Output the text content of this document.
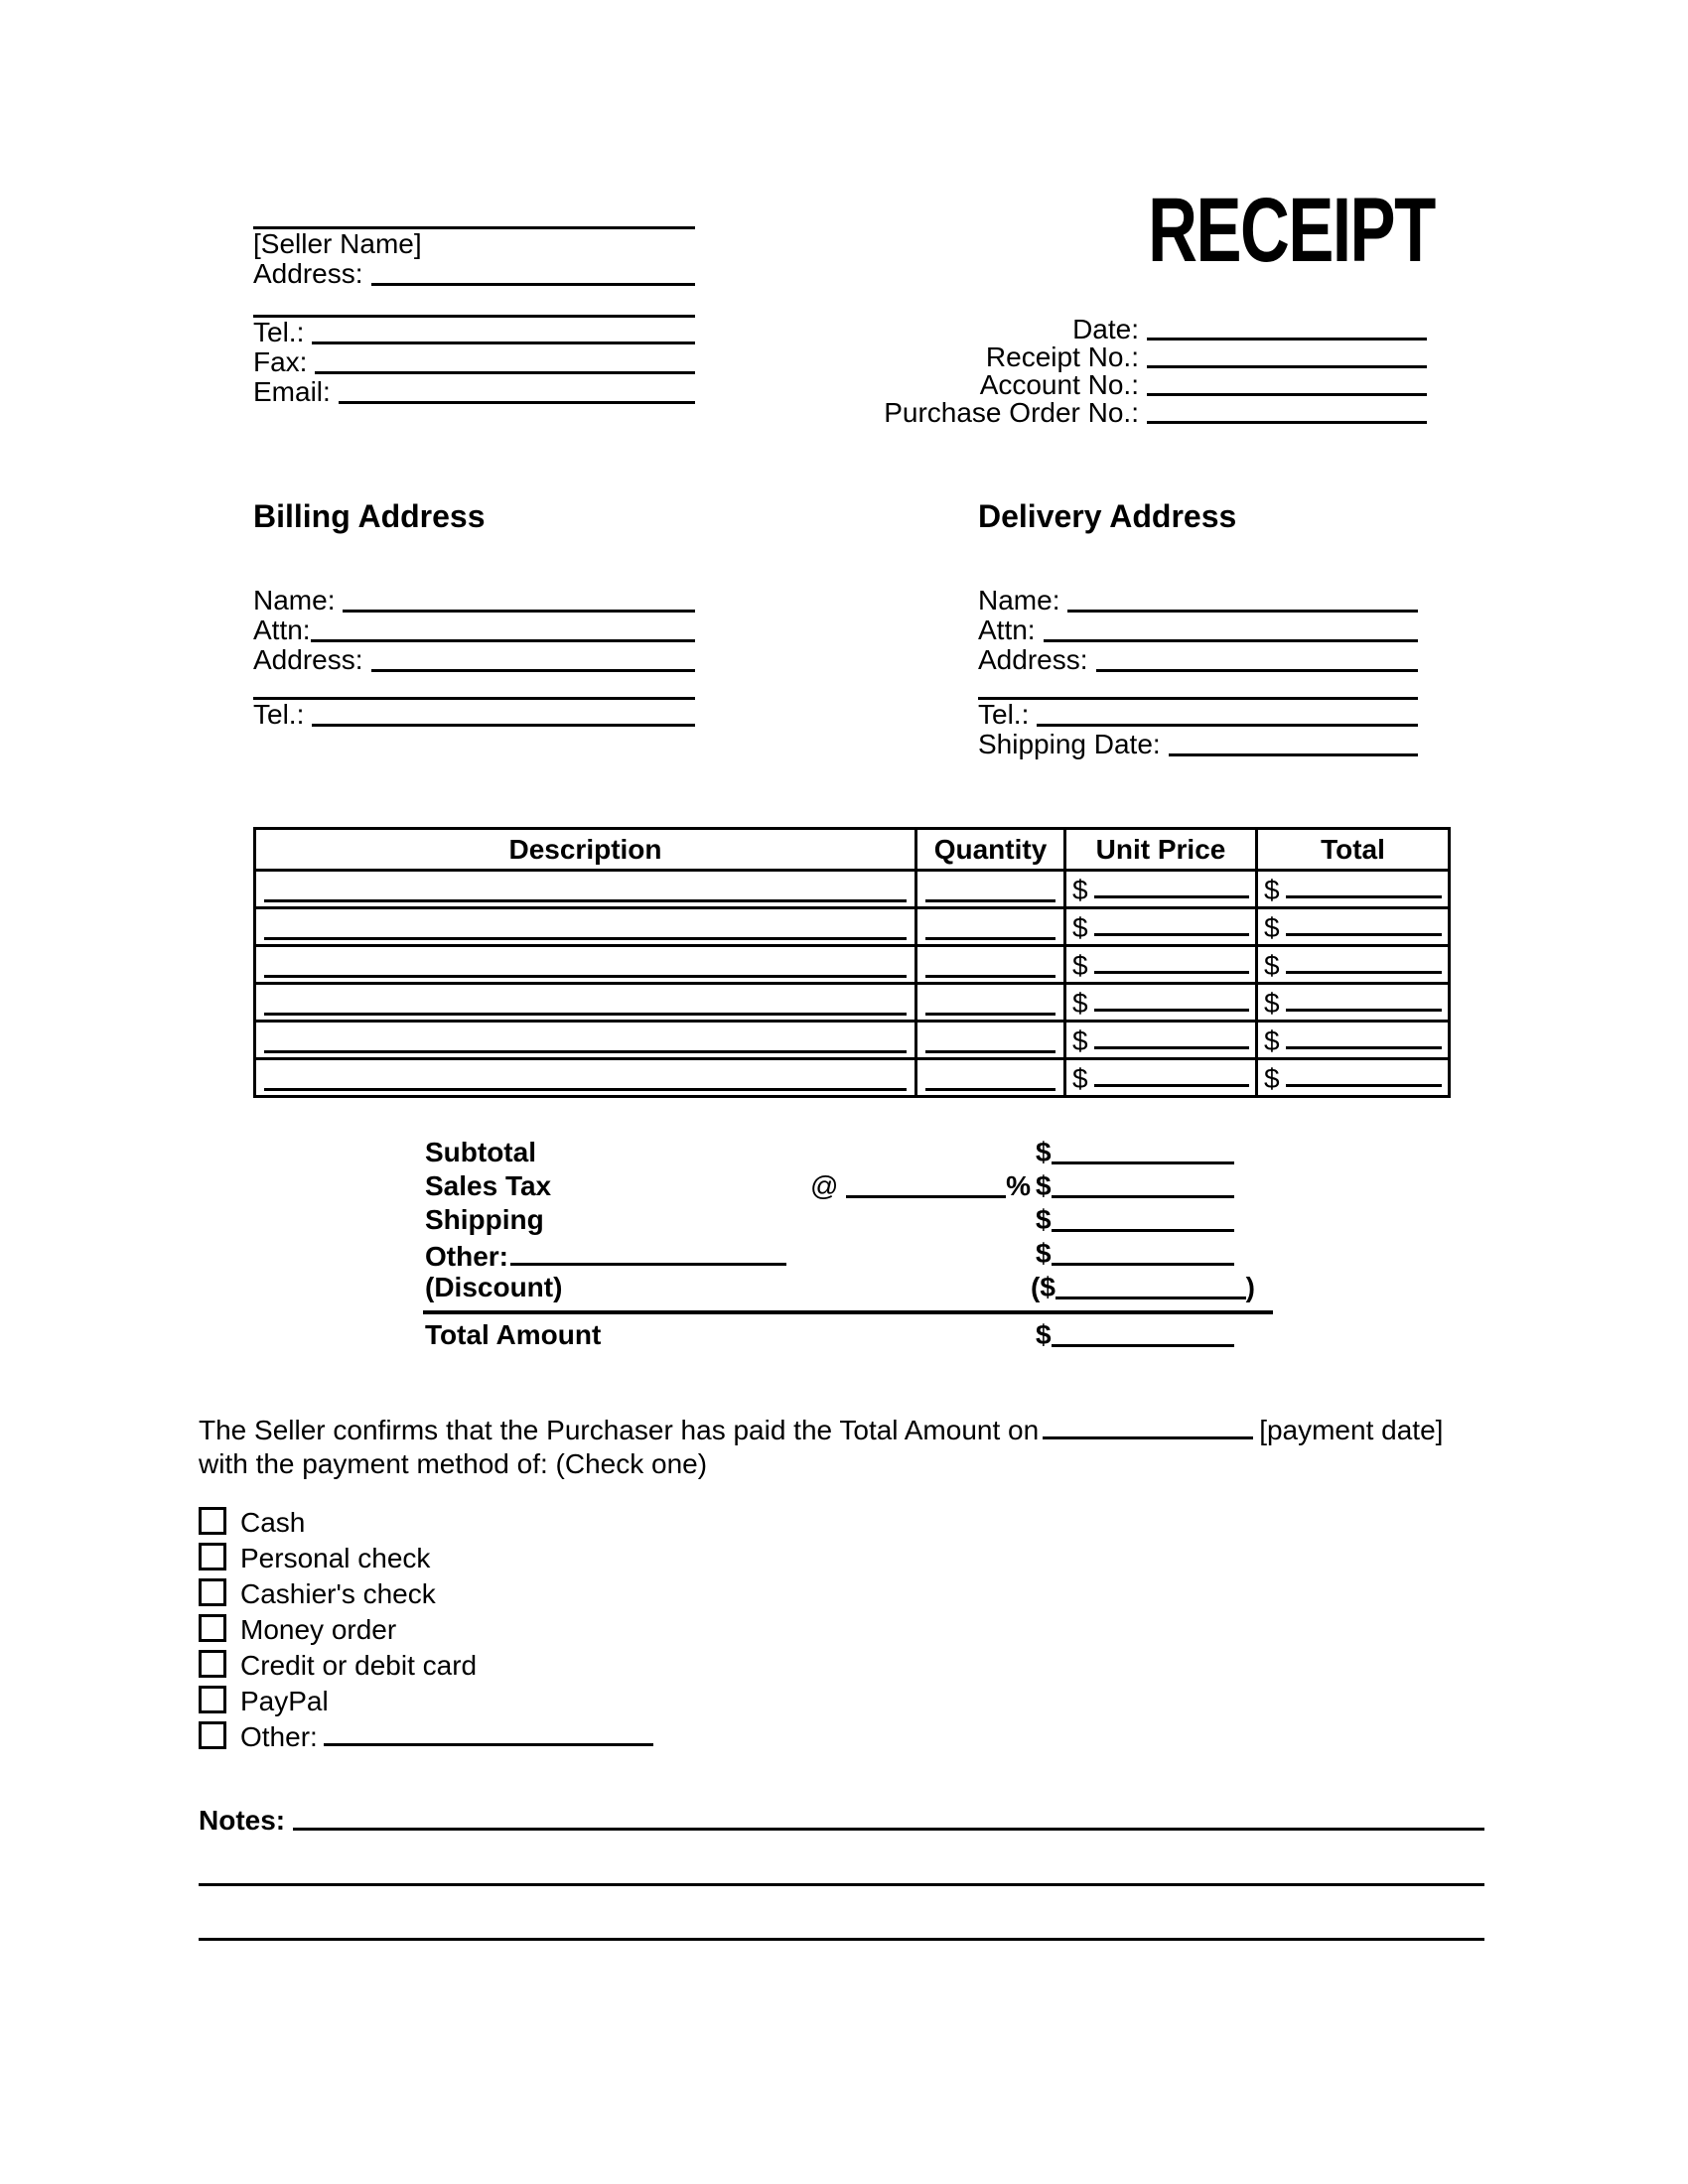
[Seller Name]
Address:
Tel.:
Fax:
Email:
RECEIPT
Date:
Receipt No.:
Account No.:
Purchase Order No.:
Billing Address	Delivery Address
Name:
Attn:
Address:
Tel.:
Name:
Attn:
Address:
Tel.:
Shipping Date:
Description	Quantity	Unit Price	Total

		$	$

		$	$

		$	$

		$	$

		$	$

		$	$
Subtotal	$
Sales Tax	@	% $
Shipping	$
Other:	$
(Discount)	($	)
Total Amount	$
The Seller confirms that the Purchaser has paid the Total Amount on	[payment date]
with the payment method of: (Check one)
Cash
Personal check
Cashier's check
Money order
Credit or debit card
PayPal
Other:
Notes:
